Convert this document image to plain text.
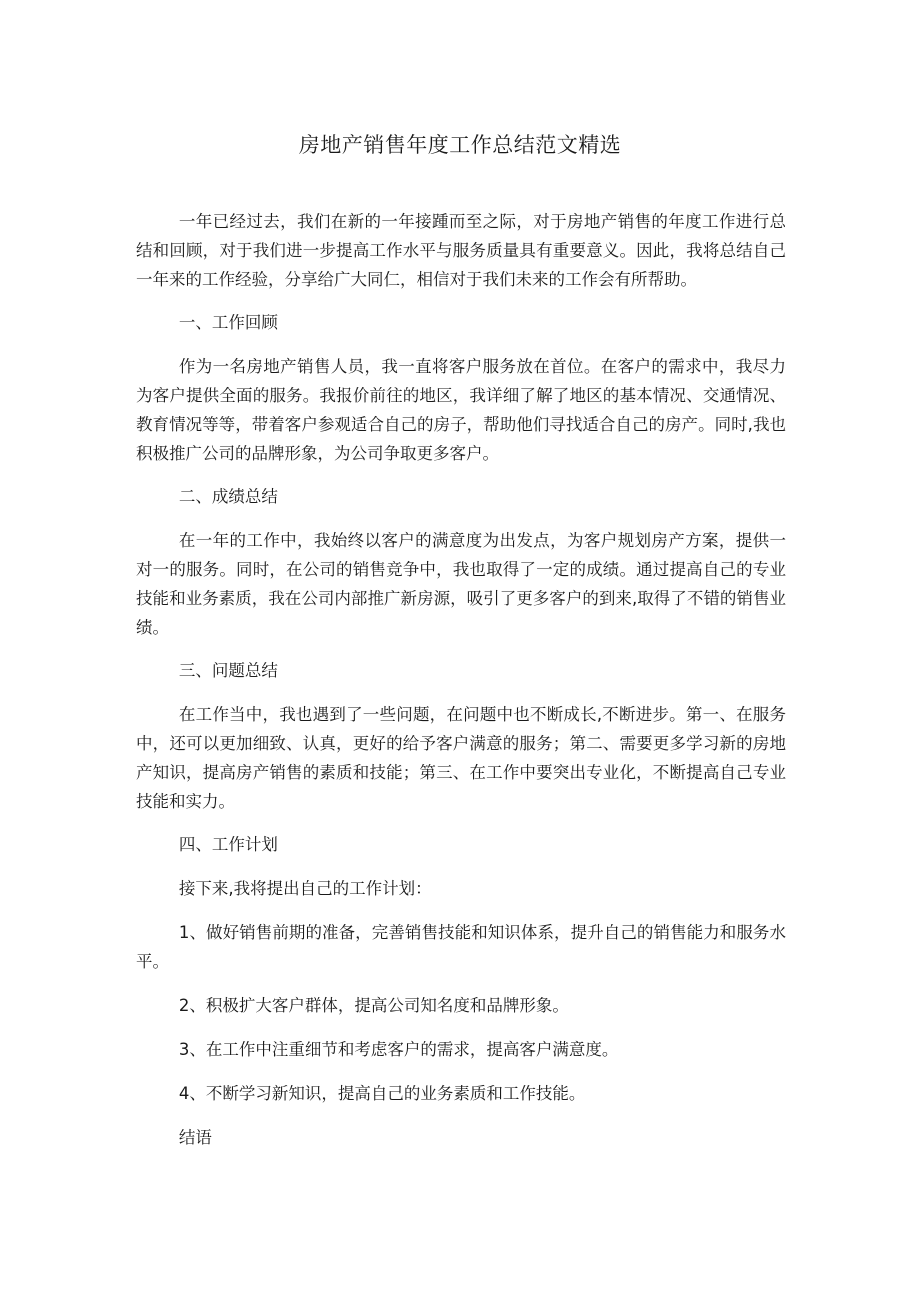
房地产销售年度工作总结范文精选

一年已经过去，我们在新的一年接踵而至之际，对于房地产销售的年度工作进行总结和回顾，对于我们进一步提高工作水平与服务质量具有重要意义。因此，我将总结自己一年来的工作经验，分享给广大同仁，相信对于我们未来的工作会有所帮助。

一、工作回顾

作为一名房地产销售人员，我一直将客户服务放在首位。在客户的需求中，我尽力为客户提供全面的服务。我报价前往的地区，我详细了解了地区的基本情况、交通情况、教育情况等等，带着客户参观适合自己的房子，帮助他们寻找适合自己的房产。同时,我也积极推广公司的品牌形象，为公司争取更多客户。

二、成绩总结

在一年的工作中，我始终以客户的满意度为出发点，为客户规划房产方案，提供一对一的服务。同时，在公司的销售竞争中，我也取得了一定的成绩。通过提高自己的专业技能和业务素质，我在公司内部推广新房源，吸引了更多客户的到来,取得了不错的销售业绩。

三、问题总结

在工作当中，我也遇到了一些问题，在问题中也不断成长,不断进步。第一、在服务中，还可以更加细致、认真，更好的给予客户满意的服务；第二、需要更多学习新的房地产知识，提高房产销售的素质和技能；第三、在工作中要突出专业化，不断提高自己专业技能和实力。

四、工作计划

接下来,我将提出自己的工作计划：

1、做好销售前期的准备，完善销售技能和知识体系，提升自己的销售能力和服务水平。

2、积极扩大客户群体，提高公司知名度和品牌形象。

3、在工作中注重细节和考虑客户的需求，提高客户满意度。

4、不断学习新知识，提高自己的业务素质和工作技能。

结语
